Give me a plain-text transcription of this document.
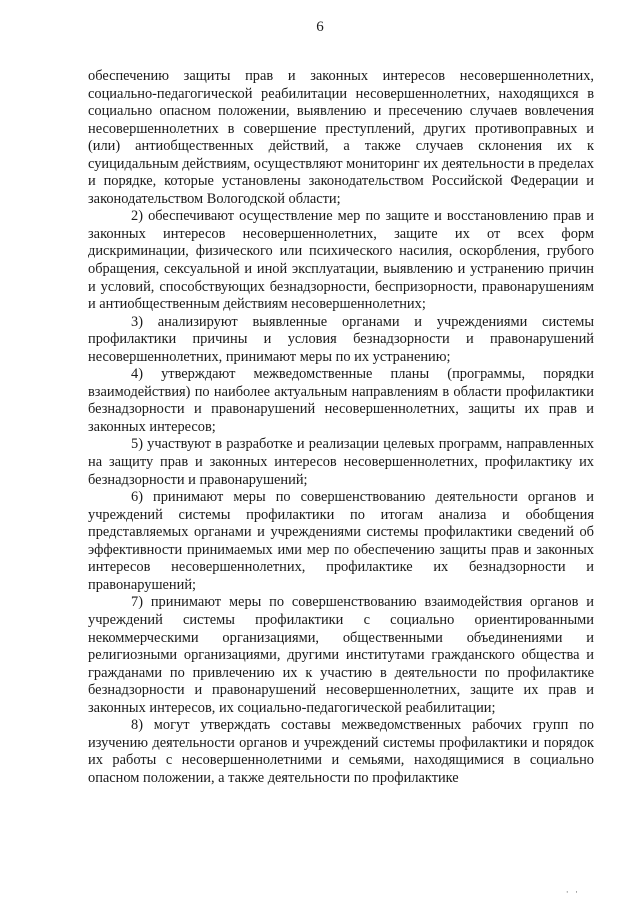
6

обеспечению защиты прав и законных интересов несовершеннолетних, социально-педагогической реабилитации несовершеннолетних, находящихся в социально опасном положении, выявлению и пресечению случаев вовлечения несовершеннолетних в совершение преступлений, других противоправных и (или) антиобщественных действий, а также случаев склонения их к суицидальным действиям, осуществляют мониторинг их деятельности в пределах и порядке, которые установлены законодательством Российской Федерации и законодательством Вологодской области;

2) обеспечивают осуществление мер по защите и восстановлению прав и законных интересов несовершеннолетних, защите их от всех форм дискриминации, физического или психического насилия, оскорбления, грубого обращения, сексуальной и иной эксплуатации, выявлению и устранению причин и условий, способствующих безнадзорности, беспризорности, правонарушениям и антиобщественным действиям несовершеннолетних;

3) анализируют выявленные органами и учреждениями системы профилактики причины и условия безнадзорности и правонарушений несовершеннолетних, принимают меры по их устранению;

4) утверждают межведомственные планы (программы, порядки взаимодействия) по наиболее актуальным направлениям в области профилактики безнадзорности и правонарушений несовершеннолетних, защиты их прав и законных интересов;

5) участвуют в разработке и реализации целевых программ, направленных на защиту прав и законных интересов несовершеннолетних, профилактику их безнадзорности и правонарушений;

6) принимают меры по совершенствованию деятельности органов и учреждений системы профилактики по итогам анализа и обобщения представляемых органами и учреждениями системы профилактики сведений об эффективности принимаемых ими мер по обеспечению защиты прав и законных интересов несовершеннолетних, профилактике их безнадзорности и правонарушений;

7) принимают меры по совершенствованию взаимодействия органов и учреждений системы профилактики с социально ориентированными некоммерческими организациями, общественными объединениями и религиозными организациями, другими институтами гражданского общества и гражданами по привлечению их к участию в деятельности по профилактике безнадзорности и правонарушений несовершеннолетних, защите их прав и законных интересов, их социально-педагогической реабилитации;

8) могут утверждать составы межведомственных рабочих групп по изучению деятельности органов и учреждений системы профилактики и порядок их работы с несовершеннолетними и семьями, находящимися в социально опасном положении, а также деятельности по профилактике

· ·
